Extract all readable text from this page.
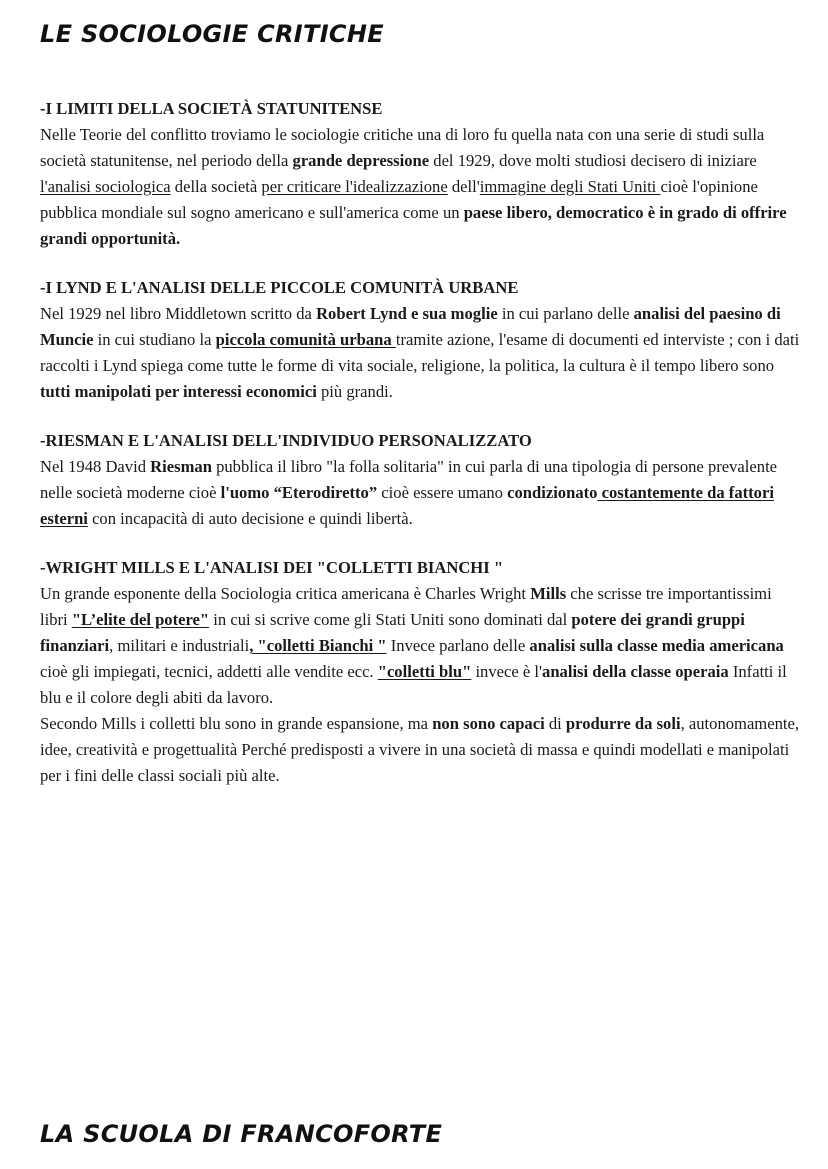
LE SOCIOLOGIE CRITICHE

-I LIMITI DELLA SOCIETÀ STATUNITENSE

Nelle Teorie del conflitto troviamo le sociologie critiche una di loro fu quella nata con una serie di studi sulla società statunitense, nel periodo della grande depressione del 1929, dove molti studiosi decisero di iniziare l'analisi sociologica della società per criticare l'idealizzazione dell'immagine degli Stati Uniti cioè l'opinione pubblica mondiale sul sogno americano e sull'america come un paese libero, democratico è in grado di offrire grandi opportunità.

-I LYND E L'ANALISI DELLE PICCOLE COMUNITÀ URBANE

Nel 1929 nel libro Middletown scritto da Robert Lynd e sua moglie in cui parlano delle analisi del paesino di Muncie in cui studiano la piccola comunità urbana tramite azione, l'esame di documenti ed interviste ; con i dati raccolti i Lynd spiega come tutte le forme di vita sociale, religione, la politica, la cultura è il tempo libero sono tutti manipolati per interessi economici più grandi.

-RIESMAN E L'ANALISI DELL'INDIVIDUO PERSONALIZZATO

Nel 1948 David Riesman pubblica il libro "la folla solitaria" in cui parla di una tipologia di persone prevalente nelle società moderne cioè l'uomo “Eterodiretto” cioè essere umano condizionato costantemente da fattori esterni con incapacità di auto decisione e quindi libertà.

-WRIGHT MILLS E L'ANALISI DEI "COLLETTI BIANCHI "

Un grande esponente della Sociologia critica americana è Charles Wright Mills che scrisse tre importantissimi libri "L’elite del potere" in cui si scrive come gli Stati Uniti sono dominati dal potere dei grandi gruppi finanziari, militari e industriali, "colletti Bianchi " Invece parlano delle analisi sulla classe media americana cioè gli impiegati, tecnici, addetti alle vendite ecc. "colletti blu" invece è l'analisi della classe operaia Infatti il blu e il colore degli abiti da lavoro.

Secondo Mills i colletti blu sono in grande espansione, ma non sono capaci di produrre da soli, autonomamente, idee, creatività e progettualità Perché predisposti a vivere in una società di massa e quindi modellati e manipolati per i fini delle classi sociali più alte.

LA SCUOLA DI FRANCOFORTE
